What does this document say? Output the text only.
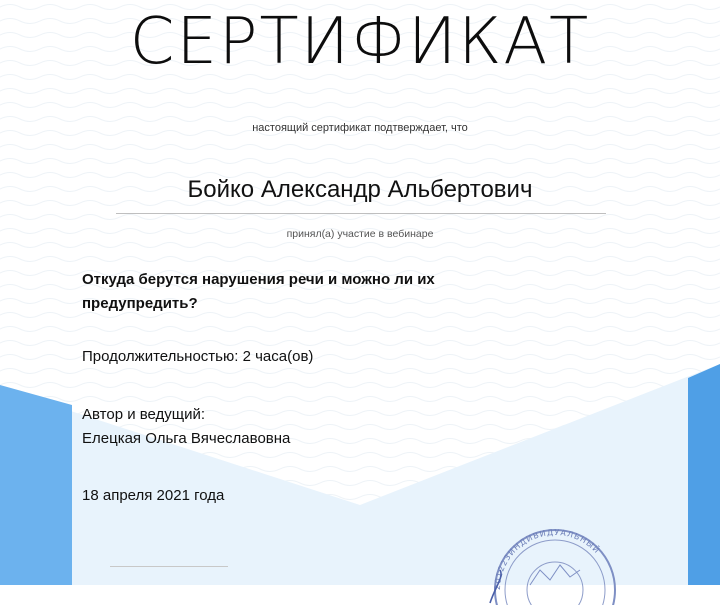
СЕРТИФИКАТ
настоящий сертификат подтверждает, что
Бойко Александр Альбертович
принял(а) участие в вебинаре
Откуда берутся нарушения речи и можно ли их
предупредить?
Продолжительностью: 2 часа(ов)
Автор и ведущий:
Елецкая Ольга Вячеславовна
18 апреля 2021 года
201223ИНДИВИДУАЛЬНЫЙ
